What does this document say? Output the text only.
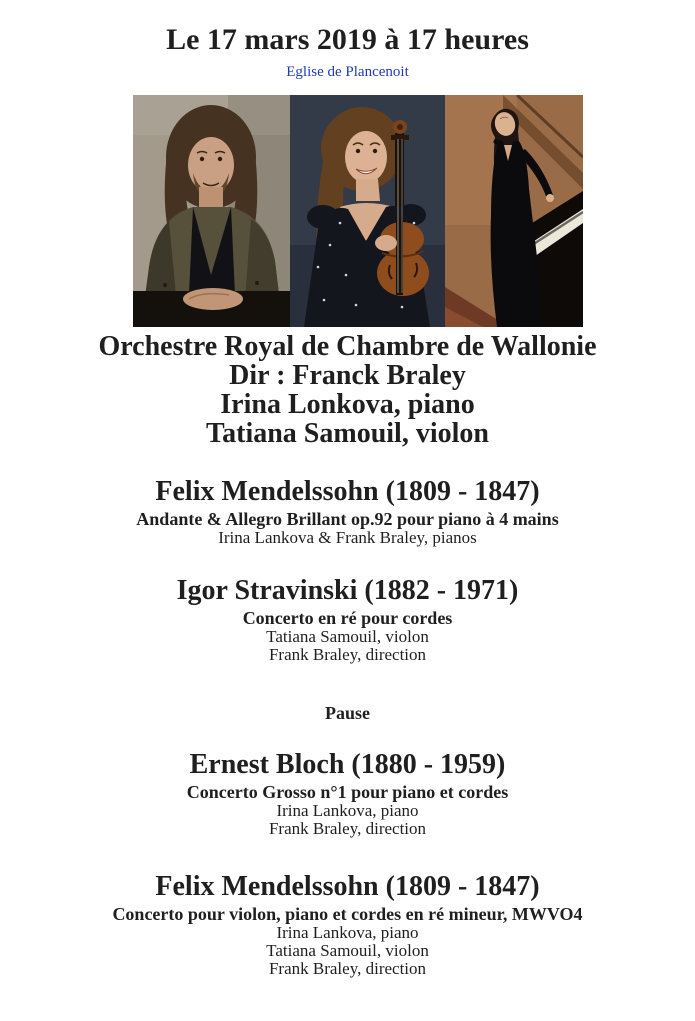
Le 17 mars 2019 à 17 heures
Eglise de Plancenoit
Orchestre Royal de Chambre de Wallonie
Dir : Franck Braley
Irina Lonkova, piano
Tatiana Samouil, violon
Felix Mendelssohn (1809 - 1847)
Andante & Allegro Brillant op.92 pour piano à 4 mains
Irina Lankova & Frank Braley, pianos
Igor Stravinski (1882 - 1971)
Concerto en ré pour cordes
Tatiana Samouil, violon
Frank Braley, direction
Pause
Ernest Bloch (1880 - 1959)
Concerto Grosso n°1 pour piano et cordes
Irina Lankova, piano
Frank Braley, direction
Felix Mendelssohn (1809 - 1847)
Concerto pour violon, piano et cordes en ré mineur, MWVO4
Irina Lankova, piano
Tatiana Samouil, violon
Frank Braley, direction
